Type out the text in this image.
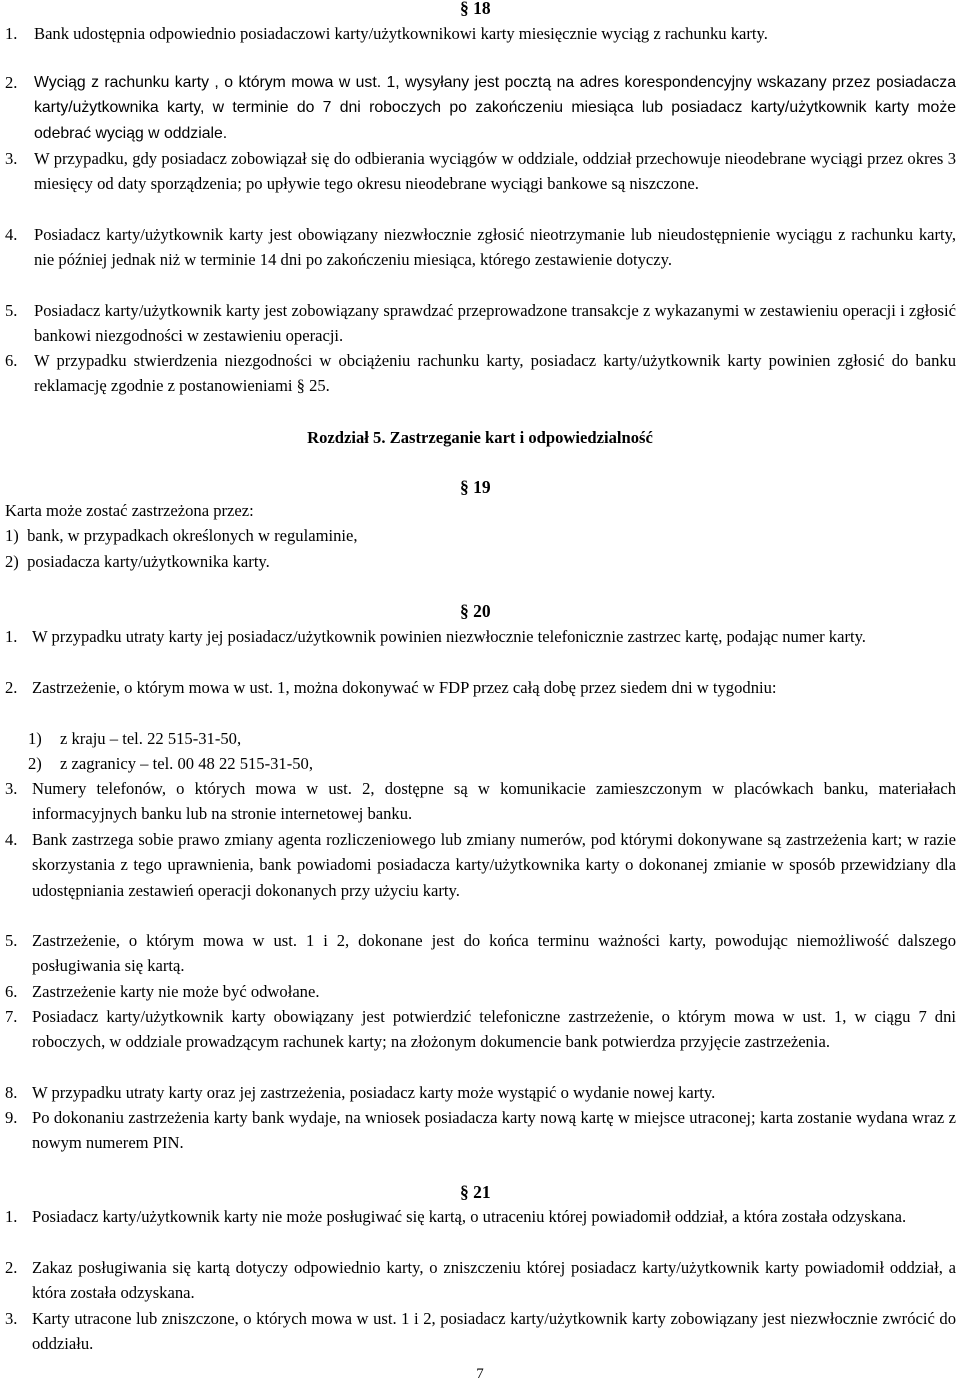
§ 18
1. Bank udostępnia odpowiednio posiadaczowi karty/użytkownikowi karty miesięcznie wyciąg z rachunku karty.
2. Wyciąg z rachunku karty , o którym mowa w ust. 1, wysyłany jest pocztą na adres korespondencyjny wskazany przez posiadacza karty/użytkownika karty, w terminie do 7 dni roboczych po zakończeniu miesiąca lub posiadacz karty/użytkownik karty może odebrać wyciąg w oddziale.
3. W przypadku, gdy posiadacz zobowiązał się do odbierania wyciągów w oddziale, oddział przechowuje nieodebrane wyciągi przez okres 3 miesięcy od daty sporządzenia; po upływie tego okresu nieodebrane wyciągi bankowe są niszczone.
4. Posiadacz karty/użytkownik karty jest obowiązany niezwłocznie zgłosić nieotrzymanie lub nieudostępnienie wyciągu z rachunku karty, nie później jednak niż w terminie 14 dni po zakończeniu miesiąca, którego zestawienie dotyczy.
5. Posiadacz karty/użytkownik karty jest zobowiązany sprawdzać przeprowadzone transakcje z wykazanymi w zestawieniu operacji i zgłosić bankowi niezgodności w zestawieniu operacji.
6. W przypadku stwierdzenia niezgodności w obciążeniu rachunku karty, posiadacz karty/użytkownik karty powinien zgłosić do banku reklamację zgodnie z postanowieniami § 25.
Rozdział 5. Zastrzeganie kart i odpowiedzialność
§ 19
Karta może zostać zastrzeżona przez:
1) bank, w przypadkach określonych w regulaminie,
2) posiadacza karty/użytkownika karty.
§ 20
1. W przypadku utraty karty jej posiadacz/użytkownik powinien niezwłocznie telefonicznie zastrzec kartę, podając numer karty.
2. Zastrzeżenie, o którym mowa w ust. 1, można dokonywać w FDP przez całą dobę przez siedem dni w tygodniu:
1) z kraju – tel. 22 515-31-50,
2) z zagranicy – tel. 00 48 22 515-31-50,
3. Numery telefonów, o których mowa w ust. 2, dostępne są w komunikacie zamieszczonym w placówkach banku, materiałach informacyjnych banku lub na stronie internetowej banku.
4. Bank zastrzega sobie prawo zmiany agenta rozliczeniowego lub zmiany numerów, pod którymi dokonywane są zastrzeżenia kart; w razie skorzystania z tego uprawnienia, bank powiadomi posiadacza karty/użytkownika karty o dokonanej zmianie w sposób przewidziany dla udostępniania zestawień operacji dokonanych przy użyciu karty.
5. Zastrzeżenie, o którym mowa w ust. 1 i 2, dokonane jest do końca terminu ważności karty, powodując niemożliwość dalszego posługiwania się kartą.
6. Zastrzeżenie karty nie może być odwołane.
7. Posiadacz karty/użytkownik karty obowiązany jest potwierdzić telefoniczne zastrzeżenie, o którym mowa w ust. 1, w ciągu 7 dni roboczych, w oddziale prowadzącym rachunek karty; na złożonym dokumencie bank potwierdza przyjęcie zastrzeżenia.
8. W przypadku utraty karty oraz jej zastrzeżenia, posiadacz karty może wystąpić o wydanie nowej karty.
9. Po dokonaniu zastrzeżenia karty bank wydaje, na wniosek posiadacza karty nową kartę w miejsce utraconej; karta zostanie wydana wraz z nowym numerem PIN.
§ 21
1. Posiadacz karty/użytkownik karty nie może posługiwać się kartą, o utraceniu której powiadomił oddział, a która została odzyskana.
2. Zakaz posługiwania się kartą dotyczy odpowiednio karty, o zniszczeniu której posiadacz karty/użytkownik karty powiadomił oddział, a która została odzyskana.
3. Karty utracone lub zniszczone, o których mowa w ust. 1 i 2, posiadacz karty/użytkownik karty zobowiązany jest niezwłocznie zwrócić do oddziału.
7
